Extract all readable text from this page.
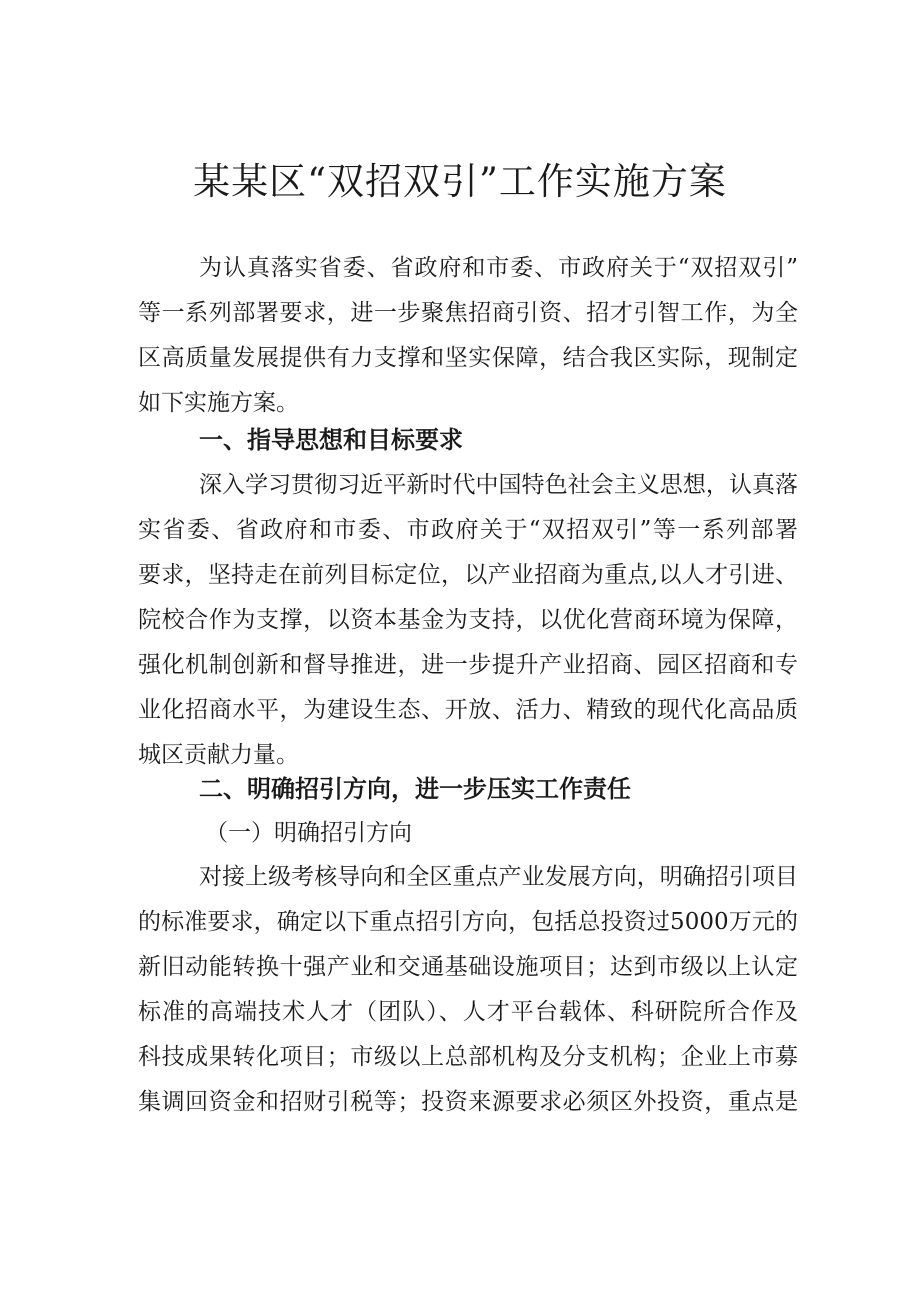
某某区“双招双引”工作实施方案
为认真落实省委、省政府和市委、市政府关于“双招双引”
等一系列部署要求，进一步聚焦招商引资、招才引智工作，为全
区高质量发展提供有力支撑和坚实保障，结合我区实际，现制定
如下实施方案。
一、指导思想和目标要求
深入学习贯彻习近平新时代中国特色社会主义思想，认真落
实省委、省政府和市委、市政府关于“双招双引”等一系列部署
要求，坚持走在前列目标定位，以产业招商为重点,以人才引进、
院校合作为支撑，以资本基金为支持，以优化营商环境为保障，
强化机制创新和督导推进，进一步提升产业招商、园区招商和专
业化招商水平，为建设生态、开放、活力、精致的现代化高品质
城区贡献力量。
二、明确招引方向，进一步压实工作责任
（一）明确招引方向
对接上级考核导向和全区重点产业发展方向，明确招引项目
的标准要求，确定以下重点招引方向，包括总投资过5000万元的
新旧动能转换十强产业和交通基础设施项目；达到市级以上认定
标准的高端技术人才（团队）、人才平台载体、科研院所合作及
科技成果转化项目；市级以上总部机构及分支机构；企业上市募
集调回资金和招财引税等；投资来源要求必须区外投资，重点是
